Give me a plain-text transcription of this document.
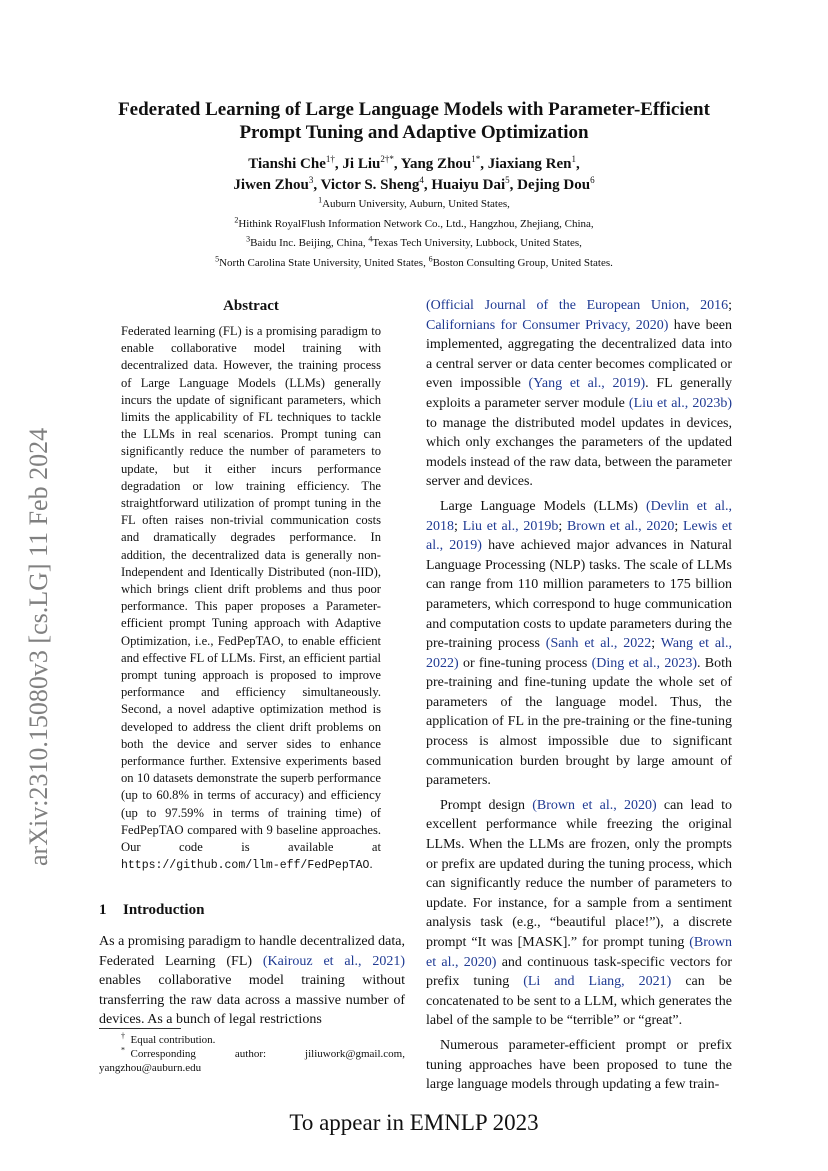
arXiv:2310.15080v3 [cs.LG] 11 Feb 2024
Federated Learning of Large Language Models with Parameter-Efficient
Prompt Tuning and Adaptive Optimization
Tianshi Che$^{1\dagger}$, Ji Liu$^{2\dagger*}$, Yang Zhou$^{1*}$, Jiaxiang Ren$^1$,
Jiwen Zhou$^3$, Victor S. Sheng$^4$, Huaiyu Dai$^5$, Dejing Dou$^6$
$^1$Auburn University, Auburn, United States,
$^2$Hithink RoyalFlush Information Network Co., Ltd., Hangzhou, Zhejiang, China,
$^3$Baidu Inc. Beijing, China, $^4$Texas Tech University, Lubbock, United States,
$^5$North Carolina State University, United States, $^6$Boston Consulting Group, United States.
Abstract
Federated learning (FL) is a promising paradigm to enable collaborative model training with decentralized data. However, the training process of Large Language Models (LLMs) generally incurs the update of significant parameters, which limits the applicability of FL techniques to tackle the LLMs in real scenarios. Prompt tuning can significantly reduce the number of parameters to update, but it either incurs performance degradation or low training efficiency. The straightforward utilization of prompt tuning in the FL often raises non-trivial communication costs and dramatically degrades performance. In addition, the decentralized data is generally non-Independent and Identically Distributed (non-IID), which brings client drift problems and thus poor performance. This paper proposes a Parameter-efficient prompt Tuning approach with Adaptive Optimization, i.e., FedPepTAO, to enable efficient and effective FL of LLMs. First, an efficient partial prompt tuning approach is proposed to improve performance and efficiency simultaneously. Second, a novel adaptive optimization method is developed to address the client drift problems on both the device and server sides to enhance performance further. Extensive experiments based on 10 datasets demonstrate the superb performance (up to 60.8% in terms of accuracy) and efficiency (up to 97.59% in terms of training time) of FedPepTAO compared with 9 baseline approaches. Our code is available at https://github.com/llm-eff/FedPepTAO.
1 Introduction
As a promising paradigm to handle decentralized data, Federated Learning (FL) (Kairouz et al., 2021) enables collaborative model training without transferring the raw data across a massive number of devices. As a bunch of legal restrictions
† Equal contribution.
* Corresponding	author:	jiliuwork@gmail.com,
yangzhou@auburn.edu

(Official Journal of the European Union, 2016; Californians for Consumer Privacy, 2020) have been implemented, aggregating the decentralized data into a central server or data center becomes complicated or even impossible (Yang et al., 2019). FL generally exploits a parameter server module (Liu et al., 2023b) to manage the distributed model updates in devices, which only exchanges the parameters of the updated models instead of the raw data, between the parameter server and devices.

Large Language Models (LLMs) (Devlin et al., 2018; Liu et al., 2019b; Brown et al., 2020; Lewis et al., 2019) have achieved major advances in Natural Language Processing (NLP) tasks. The scale of LLMs can range from 110 million parameters to 175 billion parameters, which correspond to huge communication and computation costs to update parameters during the pre-training process (Sanh et al., 2022; Wang et al., 2022) or fine-tuning process (Ding et al., 2023). Both pre-training and fine-tuning update the whole set of parameters of the language model. Thus, the application of FL in the pre-training or the fine-tuning process is almost impossible due to significant communication burden brought by large amount of parameters.

Prompt design (Brown et al., 2020) can lead to excellent performance while freezing the original LLMs. When the LLMs are frozen, only the prompts or prefix are updated during the tuning process, which can significantly reduce the number of parameters to update. For instance, for a sample from a sentiment analysis task (e.g., “beautiful place!”), a discrete prompt “It was [MASK].” for prompt tuning (Brown et al., 2020) and continuous task-specific vectors for prefix tuning (Li and Liang, 2021) can be concatenated to be sent to a LLM, which generates the label of the sample to be “terrible” or “great”.

Numerous parameter-efficient prompt or prefix tuning approaches have been proposed to tune the large language models through updating a few train-

To appear in EMNLP 2023
